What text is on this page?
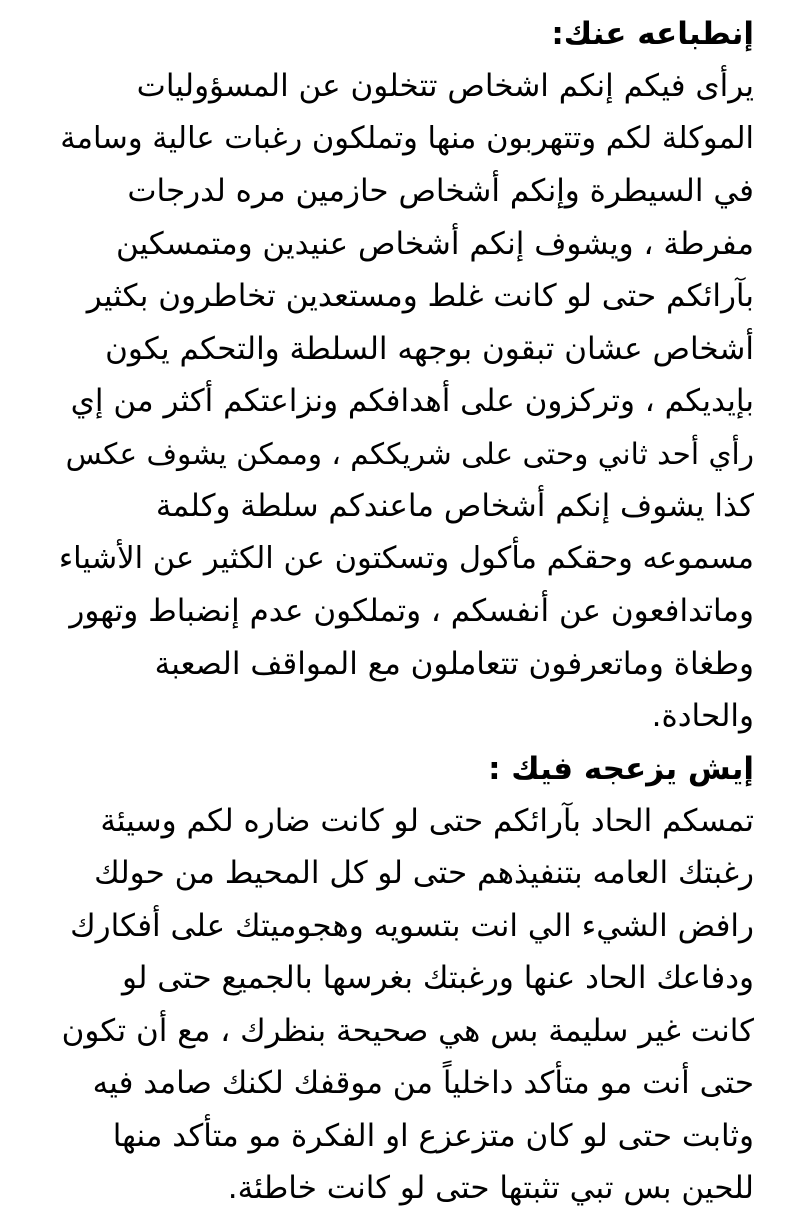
إنطباعه عنك:

يرأى فيكم إنكم اشخاص تتخلون عن المسؤوليات

الموكلة لكم وتتهربون منها وتملكون رغبات عالية وسامة

في السيطرة وإنكم أشخاص حازمين مره لدرجات

مفرطة ، ويشوف إنكم أشخاص عنيدين ومتمسكين

بآرائكم حتى لو كانت غلط ومستعدين تخاطرون بكثير

أشخاص عشان تبقون بوجهه السلطة والتحكم يكون

بإيديكم ، وتركزون على أهدافكم ونزاعتكم أكثر من إي

رأي أحد ثاني وحتى على شريككم ، وممكن يشوف عكس

كذا يشوف إنكم أشخاص ماعندكم سلطة وكلمة

مسموعه وحقكم مأكول وتسكتون عن الكثير عن الأشياء

وماتدافعون عن أنفسكم ، وتملكون عدم إنضباط وتهور

وطغاة وماتعرفون تتعاملون مع المواقف الصعبة

والحادة.

إيش يزعجه فيك :

تمسكم الحاد بآرائكم حتى لو كانت ضاره لكم وسيئة

رغبتك العامه بتنفيذهم حتى لو كل المحيط من حولك

رافض الشيء الي انت بتسويه وهجوميتك على أفكارك

ودفاعك الحاد عنها ورغبتك بغرسها بالجميع حتى لو

كانت غير سليمة بس هي صحيحة بنظرك ، مع أن تكون

حتى أنت مو متأكد داخلياً من موقفك لكنك صامد فيه

وثابت حتى لو كان متزعزع او الفكرة مو متأكد منها

للحين بس تبي تثبتها حتى لو كانت خاطئة.
